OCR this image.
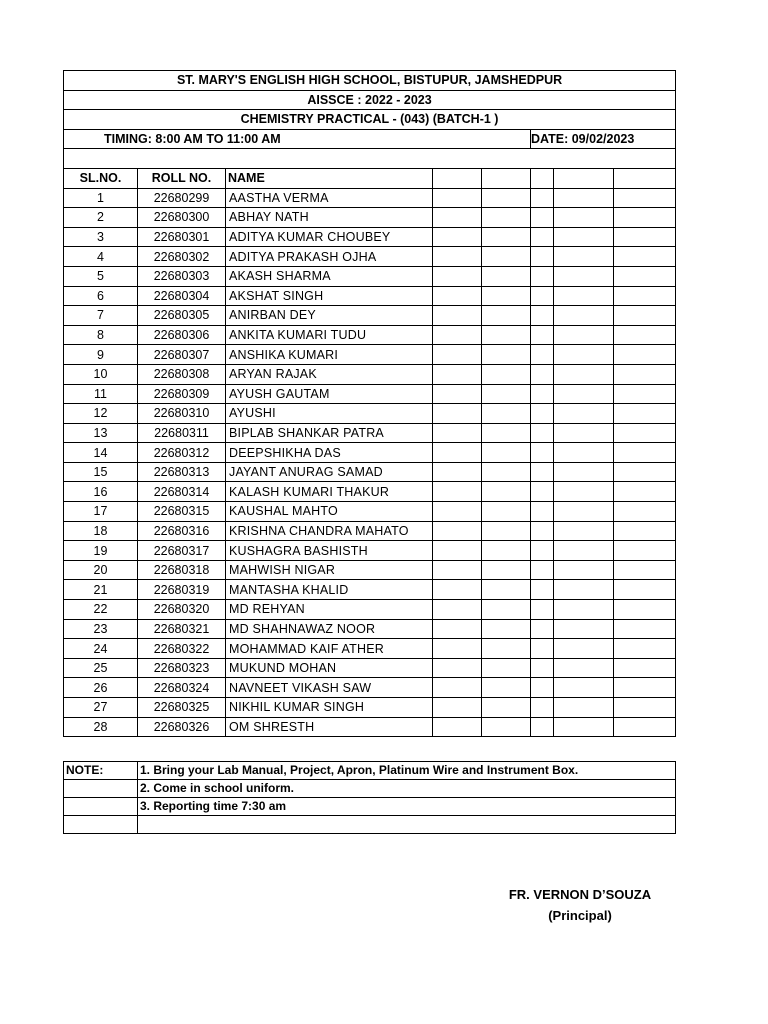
ST. MARY'S ENGLISH HIGH SCHOOL, BISTUPUR, JAMSHEDPUR							
AISSCE : 2022 - 2023							
CHEMISTRY PRACTICAL - (043) (BATCH-1 )							
TIMING: 8:00 AM TO 11:00 AM					DATE: 09/02/2023		

SL.NO.	ROLL NO.	NAME					
1	22680299	AASTHA VERMA					
2	22680300	ABHAY NATH					
3	22680301	ADITYA KUMAR CHOUBEY					
4	22680302	ADITYA PRAKASH OJHA					
5	22680303	AKASH SHARMA					
6	22680304	AKSHAT SINGH					
7	22680305	ANIRBAN DEY					
8	22680306	ANKITA KUMARI TUDU					
9	22680307	ANSHIKA KUMARI					
10	22680308	ARYAN RAJAK					
11	22680309	AYUSH GAUTAM					
12	22680310	AYUSHI					
13	22680311	BIPLAB SHANKAR PATRA					
14	22680312	DEEPSHIKHA DAS					
15	22680313	JAYANT ANURAG SAMAD					
16	22680314	KALASH KUMARI THAKUR					
17	22680315	KAUSHAL MAHTO					
18	22680316	KRISHNA CHANDRA MAHATO					
19	22680317	KUSHAGRA BASHISTH					
20	22680318	MAHWISH NIGAR					
21	22680319	MANTASHA KHALID					
22	22680320	MD REHYAN					
23	22680321	MD SHAHNAWAZ NOOR					
24	22680322	MOHAMMAD KAIF ATHER					
25	22680323	MUKUND MOHAN					
26	22680324	NAVNEET VIKASH SAW					
27	22680325	NIKHIL KUMAR SINGH					
28	22680326	OM SHRESTH					
NOTE:	1. Bring your Lab Manual, Project, Apron, Platinum Wire and Instrument Box.
	2. Come in school uniform.
	3. Reporting time 7:30 am

FR. VERNON D’SOUZA
(Principal)
